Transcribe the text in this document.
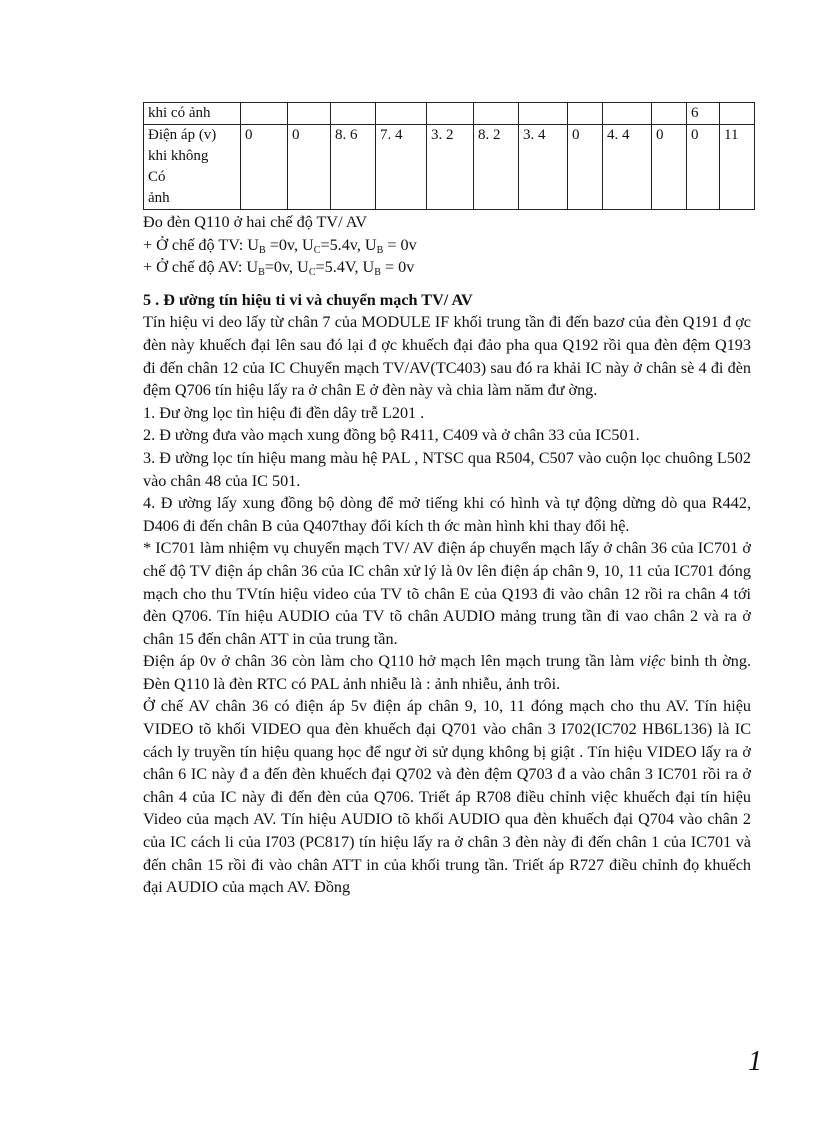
khi có ảnh											6	

Điện áp (v)
khi không
Có
ảnh	0	0	8. 6	7. 4	3. 2	8. 2	3. 4	0	4. 4	0	0	11

Đo đèn Q110 ở hai chế độ TV/ AV

+ Ở chế độ TV: $U_B =0v$, $U_C=5.4v$, $U_B = 0v$

+ Ở chế độ AV: $U_B=0v$, $U_C=5.4V$, $U_B = 0v$

5 . Đ ường tín hiệu ti vi và chuyển mạch TV/ AV

Tín hiệu vi deo lấy từ chân 7 của MODULE IF khối trung tần đi đến bazơ của đèn Q191 đ ợc đèn này khuếch đại lên sau đó lại đ ợc khuếch đại đảo pha qua Q192 rồi qua đèn đệm Q193 đi đến chân 12 của IC Chuyển mạch TV/AV(TC403) sau đó ra khải IC này ở chân sè 4 đi đèn đệm Q706 tín hiệu lấy ra ở chân E ở đèn này và chia làm năm đư ờng.

1. Đư ờng lọc tìn hiệu đi đền dây trễ L201 .

2. Đ ường đưa vào mạch xung đồng bộ R411, C409 và ở chân 33 của IC501.

3. Đ ường lọc tín hiệu mang màu hệ PAL , NTSC qua R504, C507 vào cuộn lọc chuông L502 vào chân 48 của IC 501.

4. Đ ường lấy xung đồng bộ dòng để mở tiếng khi có hình và tự động dừng dò qua R442, D406 đi đến chân B của Q407thay đổi kích th ớc màn hình khi thay đổi hệ.

* IC701 làm nhiệm vụ chuyển mạch TV/ AV điện áp chuyển mạch lấy ở chân 36 của IC701 ở chế độ TV điện áp chân 36 của IC chân xử lý là 0v lên điện áp chân 9, 10, 11 của IC701 đóng mạch cho thu TVtín hiệu video của TV tõ chân E của Q193 đi vào chân 12 rồi ra chân 4 tới đèn Q706. Tín hiệu AUDIO của TV tõ chân AUDIO mảng trung tần đi vao chân 2 và ra ở chân 15 đến chân ATT in của trung tần.

Điện áp 0v ở chân 36 còn làm cho Q110 hở mạch lên mạch trung tần làm việc binh th ờng. Đèn Q110 là đèn RTC có PAL ảnh nhiễu là : ảnh nhiễu, ảnh trôi.

Ở chế AV chân 36 có điện áp 5v điện áp chân 9, 10, 11 đóng mạch cho thu AV. Tín hiệu VIDEO tõ khối VIDEO qua đèn khuếch đại Q701 vào chân 3 I702(IC702 HB6L136) là IC cách ly truyền tín hiệu quang học để ngư ời sử dụng không bị giật . Tín hiệu VIDEO lấy ra ở chân 6 IC này đ a đến đèn khuếch đại Q702 và đèn đệm Q703 đ a vào chân 3 IC701 rồi ra ở chân 4 của IC này đi đến đèn của Q706. Triết áp R708 điều chỉnh việc khuếch đại tín hiệu Video của mạch AV. Tín hiệu AUDIO tõ khối AUDIO qua đèn khuếch đại Q704 vào chân 2 của IC cách li của I703 (PC817) tín hiệu lấy ra ở chân 3 đèn này đi đến chân 1 của IC701 và đến chân 15 rồi đi vào chân ATT in của khối trung tần. Triết áp R727 điều chỉnh đọ khuếch đại AUDIO của mạch AV. Đồng

1
